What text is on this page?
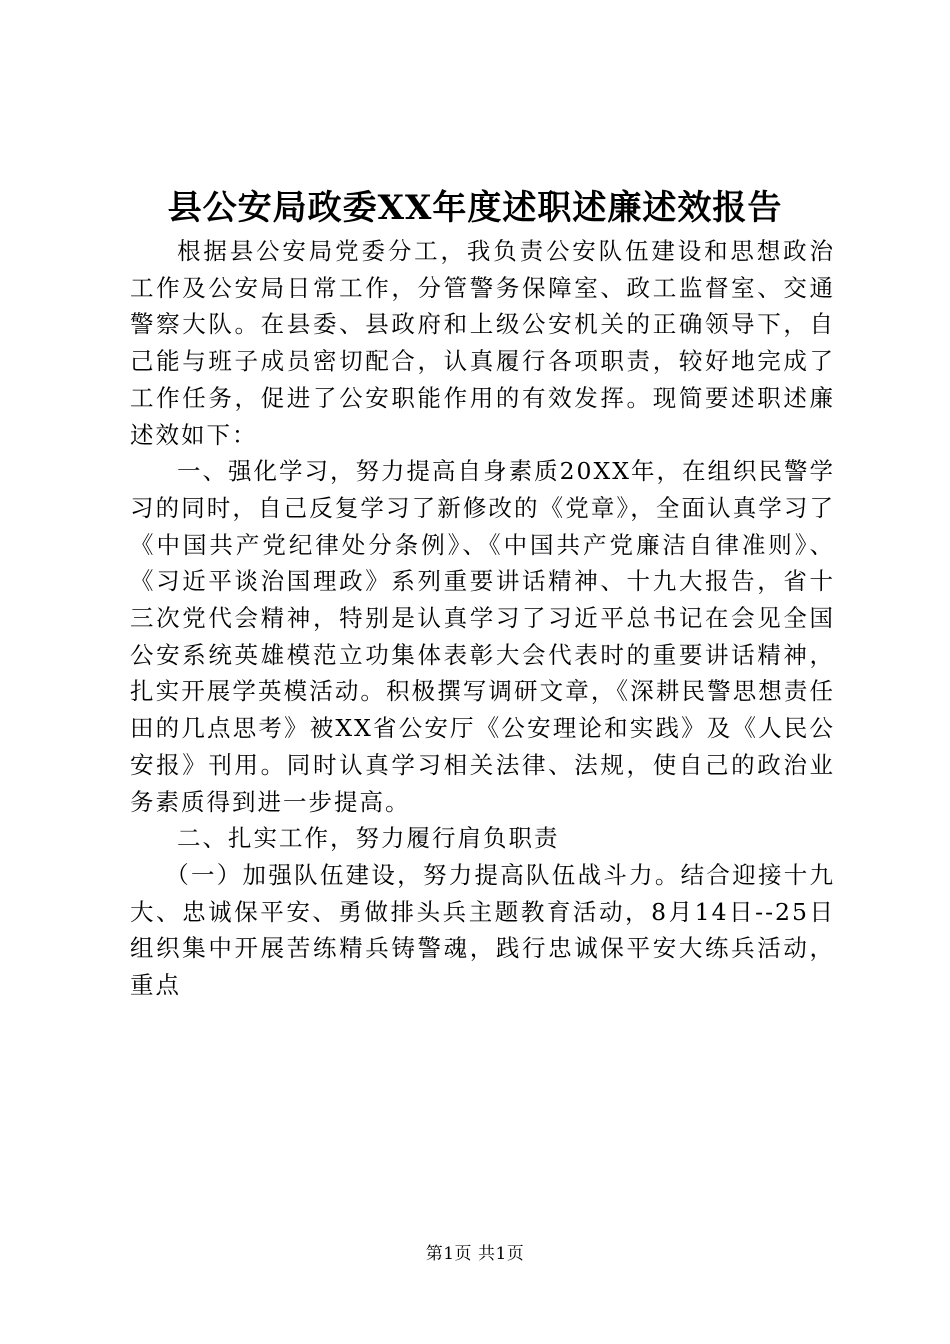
县公安局政委XX年度述职述廉述效报告

根据县公安局党委分工，我负责公安队伍建设和思想政治工作及公安局日常工作，分管警务保障室、政工监督室、交通警察大队。在县委、县政府和上级公安机关的正确领导下，自己能与班子成员密切配合，认真履行各项职责，较好地完成了工作任务，促进了公安职能作用的有效发挥。现简要述职述廉述效如下：

一、强化学习，努力提高自身素质20XX年，在组织民警学习的同时，自己反复学习了新修改的《党章》，全面认真学习了《中国共产党纪律处分条例》、《中国共产党廉洁自律准则》、《习近平谈治国理政》系列重要讲话精神、十九大报告，省十三次党代会精神，特别是认真学习了习近平总书记在会见全国公安系统英雄模范立功集体表彰大会代表时的重要讲话精神，扎实开展学英模活动。积极撰写调研文章，《深耕民警思想责任田的几点思考》被XX省公安厅《公安理论和实践》及《人民公安报》刊用。同时认真学习相关法律、法规，使自己的政治业务素质得到进一步提高。

二、扎实工作，努力履行肩负职责

（一）加强队伍建设，努力提高队伍战斗力。结合迎接十九大、忠诚保平安、勇做排头兵主题教育活动，8月14日--25日组织集中开展苦练精兵铸警魂，践行忠诚保平安大练兵活动，重点

第1页 共1页
